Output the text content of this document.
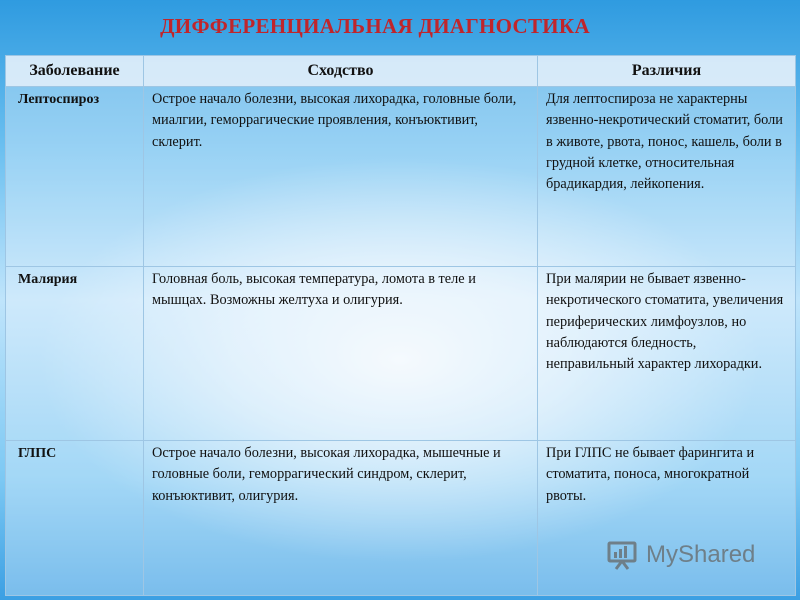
ДИФФЕРЕНЦИАЛЬНАЯ ДИАГНОСТИКА
Заболевание	Сходство	Различия
Лептоспироз	Острое начало болезни, высокая лихорадка, головные боли, миалгии, геморрагические проявления, конъюктивит, склерит.	Для лептоспироза не характерны язвенно-некротический стоматит, боли в животе, рвота, понос, кашель, боли в грудной клетке, относительная брадикардия, лейкопения.
Малярия	Головная боль, высокая температура, ломота в теле и мышцах. Возможны желтуха и олигурия.	При малярии не бывает язвенно-некротического стоматита, увеличения периферических лимфоузлов, но наблюдаются бледность, неправильный характер лихорадки.
ГЛПС	Острое начало болезни, высокая лихорадка, мышечные и головные боли, геморрагический синдром, склерит, конъюктивит, олигурия.	При ГЛПС не бывает фарингита и стоматита, поноса, многократной рвоты.
MyShared
